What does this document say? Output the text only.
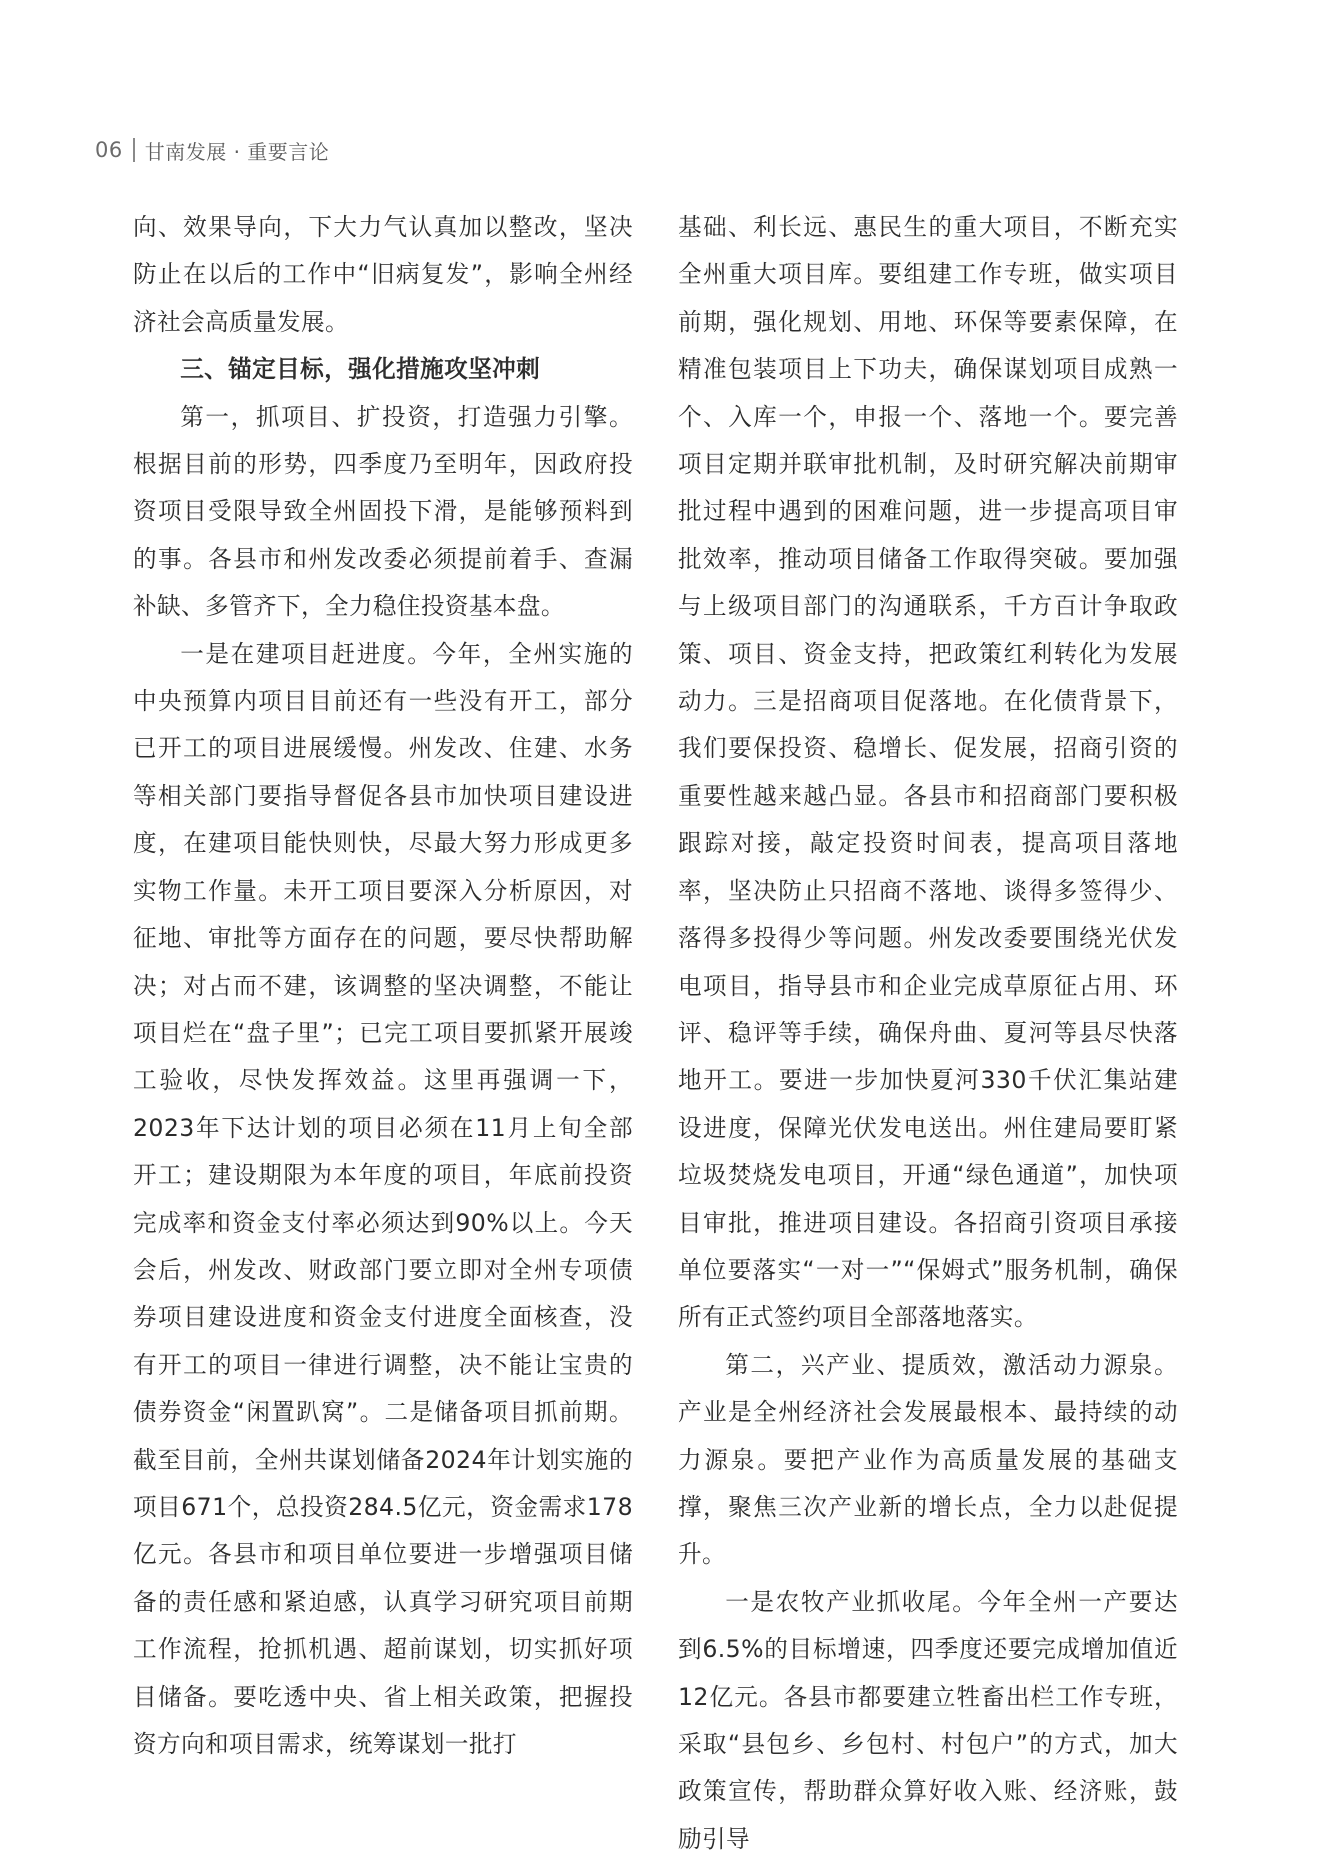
06 甘南发展 · 重要言论

向、效果导向，下大力气认真加以整改，坚决防止在以后的工作中“旧病复发”，影响全州经济社会高质量发展。

三、锚定目标，强化措施攻坚冲刺

第一，抓项目、扩投资，打造强力引擎。根据目前的形势，四季度乃至明年，因政府投资项目受限导致全州固投下滑，是能够预料到的事。各县市和州发改委必须提前着手、查漏补缺、多管齐下，全力稳住投资基本盘。

一是在建项目赶进度。今年，全州实施的中央预算内项目目前还有一些没有开工，部分已开工的项目进展缓慢。州发改、住建、水务等相关部门要指导督促各县市加快项目建设进度，在建项目能快则快，尽最大努力形成更多实物工作量。未开工项目要深入分析原因，对征地、审批等方面存在的问题，要尽快帮助解决；对占而不建，该调整的坚决调整，不能让项目烂在“盘子里”；已完工项目要抓紧开展竣工验收，尽快发挥效益。这里再强调一下，2023年下达计划的项目必须在11月上旬全部开工；建设期限为本年度的项目，年底前投资完成率和资金支付率必须达到90%以上。今天会后，州发改、财政部门要立即对全州专项债券项目建设进度和资金支付进度全面核查，没有开工的项目一律进行调整，决不能让宝贵的债券资金“闲置趴窝”。二是储备项目抓前期。截至目前，全州共谋划储备2024年计划实施的项目671个，总投资284.5亿元，资金需求178亿元。各县市和项目单位要进一步增强项目储备的责任感和紧迫感，认真学习研究项目前期工作流程，抢抓机遇、超前谋划，切实抓好项目储备。要吃透中央、省上相关政策，把握投资方向和项目需求，统筹谋划一批打

基础、利长远、惠民生的重大项目，不断充实全州重大项目库。要组建工作专班，做实项目前期，强化规划、用地、环保等要素保障，在精准包装项目上下功夫，确保谋划项目成熟一个、入库一个，申报一个、落地一个。要完善项目定期并联审批机制，及时研究解决前期审批过程中遇到的困难问题，进一步提高项目审批效率，推动项目储备工作取得突破。要加强与上级项目部门的沟通联系，千方百计争取政策、项目、资金支持，把政策红利转化为发展动力。三是招商项目促落地。在化债背景下，我们要保投资、稳增长、促发展，招商引资的重要性越来越凸显。各县市和招商部门要积极跟踪对接，敲定投资时间表，提高项目落地率，坚决防止只招商不落地、谈得多签得少、落得多投得少等问题。州发改委要围绕光伏发电项目，指导县市和企业完成草原征占用、环评、稳评等手续，确保舟曲、夏河等县尽快落地开工。要进一步加快夏河330千伏汇集站建设进度，保障光伏发电送出。州住建局要盯紧垃圾焚烧发电项目，开通“绿色通道”，加快项目审批，推进项目建设。各招商引资项目承接单位要落实“一对一”“保姆式”服务机制，确保所有正式签约项目全部落地落实。

第二，兴产业、提质效，激活动力源泉。产业是全州经济社会发展最根本、最持续的动力源泉。要把产业作为高质量发展的基础支撑，聚焦三次产业新的增长点，全力以赴促提升。

一是农牧产业抓收尾。今年全州一产要达到6.5%的目标增速，四季度还要完成增加值近12亿元。各县市都要建立牲畜出栏工作专班，采取“县包乡、乡包村、村包户”的方式，加大政策宣传，帮助群众算好收入账、经济账，鼓励引导
